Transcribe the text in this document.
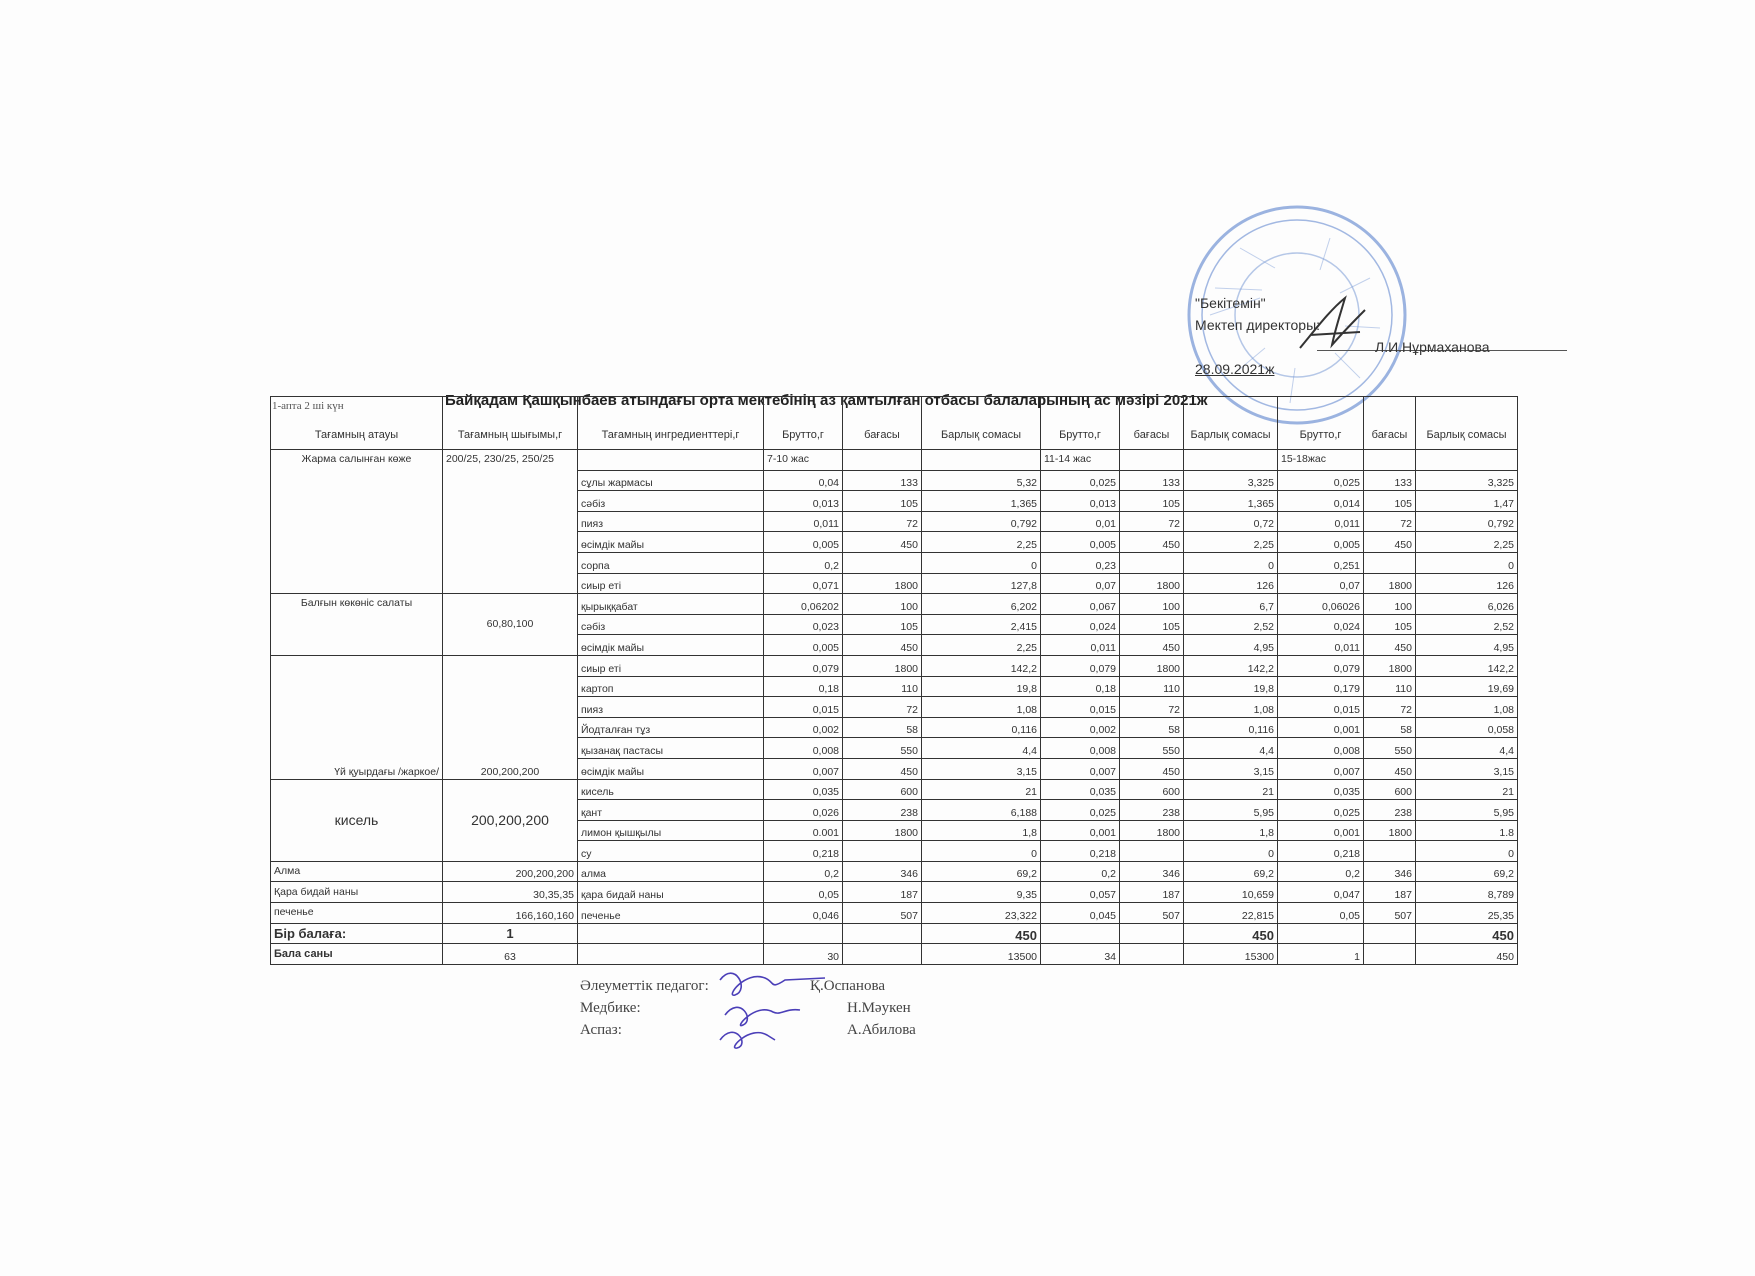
"Бекітемін"
Мектеп директоры:
Л.И.Нұрмаханова
28.09.2021ж
1-апта 2 ші күн	Байқадам Қашқынбаев атындағы орта мектебінің аз қамтылған отбасы балаларының ас мәзірі 2021ж
Тағамның атауы	Тағамның шығымы,г	Тағамның ингредиенттері,г	Брутто,г	бағасы	Барлық сомасы	Брутто,г	бағасы	Барлық сомасы	Брутто,г	бағасы	Барлық сомасы
Жарма салынған көже	200/25, 230/25, 250/25		7-10 жас			11-14 жас			15-18жас		
		сұлы жармасы	0,04	133	5,32	0,025	133	3,325	0,025	133	3,325
		сәбіз	0,013	105	1,365	0,013	105	1,365	0,014	105	1,47
		пияз	0,011	72	0,792	0,01	72	0,72	0,011	72	0,792
		өсімдік майы	0,005	450	2,25	0,005	450	2,25	0,005	450	2,25
		сорпа	0,2		0	0,23		0	0,251		0
		сиыр еті	0,071	1800	127,8	0,07	1800	126	0,07	1800	126
Балғын көкөніс салаты	60,80,100	қырыққабат	0,06202	100	6,202	0,067	100	6,7	0,06026	100	6,026
		сәбіз	0,023	105	2,415	0,024	105	2,52	0,024	105	2,52
		өсімдік майы	0,005	450	2,25	0,011	450	4,95	0,011	450	4,95
Үй қуырдағы /жаркое/	200,200,200	сиыр еті	0,079	1800	142,2	0,079	1800	142,2	0,079	1800	142,2
		картоп	0,18	110	19,8	0,18	110	19,8	0,179	110	19,69
		пияз	0,015	72	1,08	0,015	72	1,08	0,015	72	1,08
		Йодталған тұз	0,002	58	0,116	0,002	58	0,116	0,001	58	0,058
		қызанақ пастасы	0,008	550	4,4	0,008	550	4,4	0,008	550	4,4
		өсімдік майы	0,007	450	3,15	0,007	450	3,15	0,007	450	3,15
кисель	200,200,200	кисель	0,035	600	21	0,035	600	21	0,035	600	21
		қант	0,026	238	6,188	0,025	238	5,95	0,025	238	5,95
		лимон қышқылы	0.001	1800	1,8	0,001	1800	1,8	0,001	1800	1.8
		су	0,218		0	0,218		0	0,218		0
Алма	200,200,200	алма	0,2	346	69,2	0,2	346	69,2	0,2	346	69,2
Қара бидай наны	30,35,35	қара бидай наны	0,05	187	9,35	0,057	187	10,659	0,047	187	8,789
печенье	166,160,160	печенье	0,046	507	23,322	0,045	507	22,815	0,05	507	25,35
Бір балаға:	1				450			450			450
Бала саны	63		30		13500	34		15300	1		450
Әлеуметтік педагог:	Қ.Оспанова
Медбике:	Н.Мәукен
Аспаз:	А.Абилова
